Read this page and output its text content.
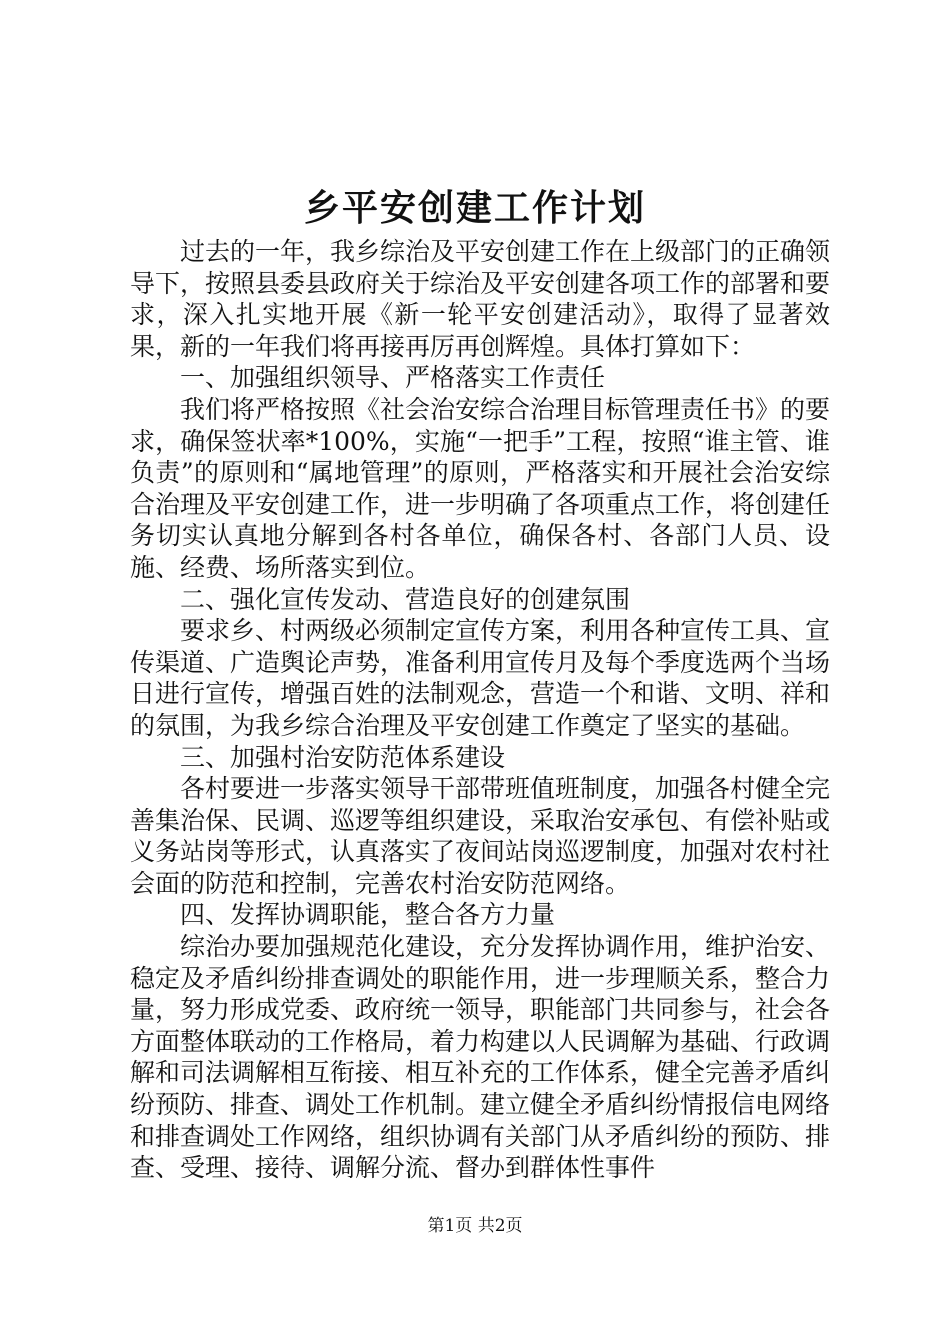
乡平安创建工作计划

过去的一年，我乡综治及平安创建工作在上级部门的正确领导下，按照县委县政府关于综治及平安创建各项工作的部署和要求，深入扎实地开展《新一轮平安创建活动》，取得了显著效果，新的一年我们将再接再厉再创辉煌。具体打算如下：

一、加强组织领导、严格落实工作责任

我们将严格按照《社会治安综合治理目标管理责任书》的要求，确保签状率*100%，实施“一把手”工程，按照“谁主管、谁负责”的原则和“属地管理”的原则，严格落实和开展社会治安综合治理及平安创建工作，进一步明确了各项重点工作，将创建任务切实认真地分解到各村各单位，确保各村、各部门人员、设施、经费、场所落实到位。

二、强化宣传发动、营造良好的创建氛围

要求乡、村两级必须制定宣传方案，利用各种宣传工具、宣传渠道、广造舆论声势，准备利用宣传月及每个季度选两个当场日进行宣传，增强百姓的法制观念，营造一个和谐、文明、祥和的氛围，为我乡综合治理及平安创建工作奠定了坚实的基础。

三、加强村治安防范体系建设

各村要进一步落实领导干部带班值班制度，加强各村健全完善集治保、民调、巡逻等组织建设，采取治安承包、有偿补贴或义务站岗等形式，认真落实了夜间站岗巡逻制度，加强对农村社会面的防范和控制，完善农村治安防范网络。

四、发挥协调职能，整合各方力量

综治办要加强规范化建设，充分发挥协调作用，维护治安、稳定及矛盾纠纷排查调处的职能作用，进一步理顺关系，整合力量，努力形成党委、政府统一领导，职能部门共同参与，社会各方面整体联动的工作格局，着力构建以人民调解为基础、行政调解和司法调解相互衔接、相互补充的工作体系，健全完善矛盾纠纷预防、排查、调处工作机制。建立健全矛盾纠纷情报信电网络和排查调处工作网络，组织协调有关部门从矛盾纠纷的预防、排查、受理、接待、调解分流、督办到群体性事件

第1页 共2页
